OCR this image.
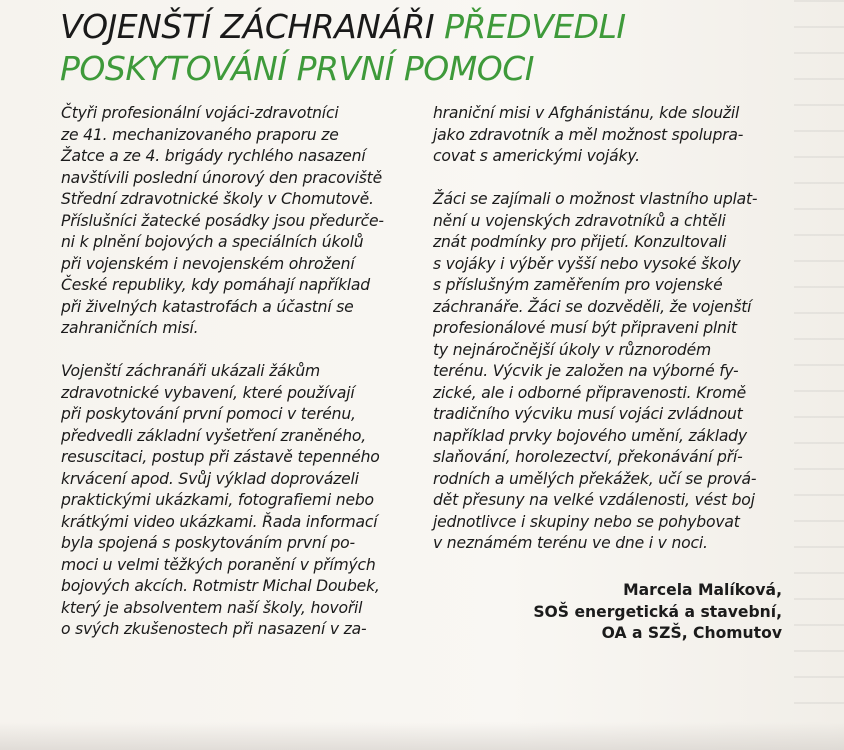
VOJENŠTÍ ZÁCHRANÁŘI PŘEDVEDLI
POSKYTOVÁNÍ PRVNÍ POMOCI

Čtyři profesionální vojáci-zdravotníci
ze 41. mechanizovaného praporu ze
Žatce a ze 4. brigády rychlého nasazení
navštívili poslední únorový den pracoviště
Střední zdravotnické školy v Chomutově.
Příslušníci žatecké posádky jsou předurče-
ni k plnění bojových a speciálních úkolů
při vojenském i nevojenském ohrožení
České republiky, kdy pomáhají například
při živelných katastrofách a účastní se
zahraničních misí.

Vojenští záchranáři ukázali žákům
zdravotnické vybavení, které používají
při poskytování první pomoci v terénu,
předvedli základní vyšetření zraněného,
resuscitaci, postup při zástavě tepenného
krvácení apod. Svůj výklad doprovázeli
praktickými ukázkami, fotografiemi nebo
krátkými video ukázkami. Řada informací
byla spojená s poskytováním první po-
moci u velmi těžkých poranění v přímých
bojových akcích. Rotmistr Michal Doubek,
který je absolventem naší školy, hovořil
o svých zkušenostech při nasazení v za-

hraniční misi v Afghánistánu, kde sloužil
jako zdravotník a měl možnost spolupra-
covat s americkými vojáky.

Žáci se zajímali o možnost vlastního uplat-
nění u vojenských zdravotníků a chtěli
znát podmínky pro přijetí. Konzultovali
s vojáky i výběr vyšší nebo vysoké školy
s příslušným zaměřením pro vojenské
záchranáře. Žáci se dozvěděli, že vojenští
profesionálové musí být připraveni plnit
ty nejnáročnější úkoly v různorodém
terénu. Výcvik je založen na výborné fy-
zické, ale i odborné připravenosti. Kromě
tradičního výcviku musí vojáci zvládnout
například prvky bojového umění, základy
slaňování, horolezectví, překonávání pří-
rodních a umělých překážek, učí se prová-
dět přesuny na velké vzdálenosti, vést boj
jednotlivce i skupiny nebo se pohybovat
v neznámém terénu ve dne i v noci.

Marcela Malíková,
SOŠ energetická a stavební,
OA a SZŠ, Chomutov
